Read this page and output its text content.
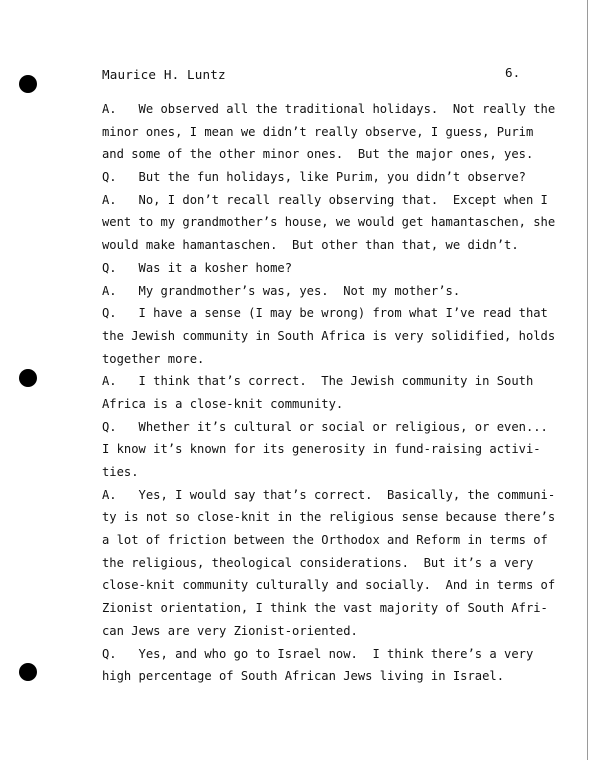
Maurice H. Luntz	6.
A.   We observed all the traditional holidays.  Not really the
minor ones, I mean we didn’t really observe, I guess, Purim
and some of the other minor ones.  But the major ones, yes.
Q.   But the fun holidays, like Purim, you didn’t observe?
A.   No, I don’t recall really observing that.  Except when I
went to my grandmother’s house, we would get hamantaschen, she
would make hamantaschen.  But other than that, we didn’t.
Q.   Was it a kosher home?
A.   My grandmother’s was, yes.  Not my mother’s.
Q.   I have a sense (I may be wrong) from what I’ve read that
the Jewish community in South Africa is very solidified, holds
together more.
A.   I think that’s correct.  The Jewish community in South
Africa is a close-knit community.
Q.   Whether it’s cultural or social or religious, or even...
I know it’s known for its generosity in fund-raising activi-
ties.
A.   Yes, I would say that’s correct.  Basically, the communi-
ty is not so close-knit in the religious sense because there’s
a lot of friction between the Orthodox and Reform in terms of
the religious, theological considerations.  But it’s a very
close-knit community culturally and socially.  And in terms of
Zionist orientation, I think the vast majority of South Afri-
can Jews are very Zionist-oriented.
Q.   Yes, and who go to Israel now.  I think there’s a very
high percentage of South African Jews living in Israel.
